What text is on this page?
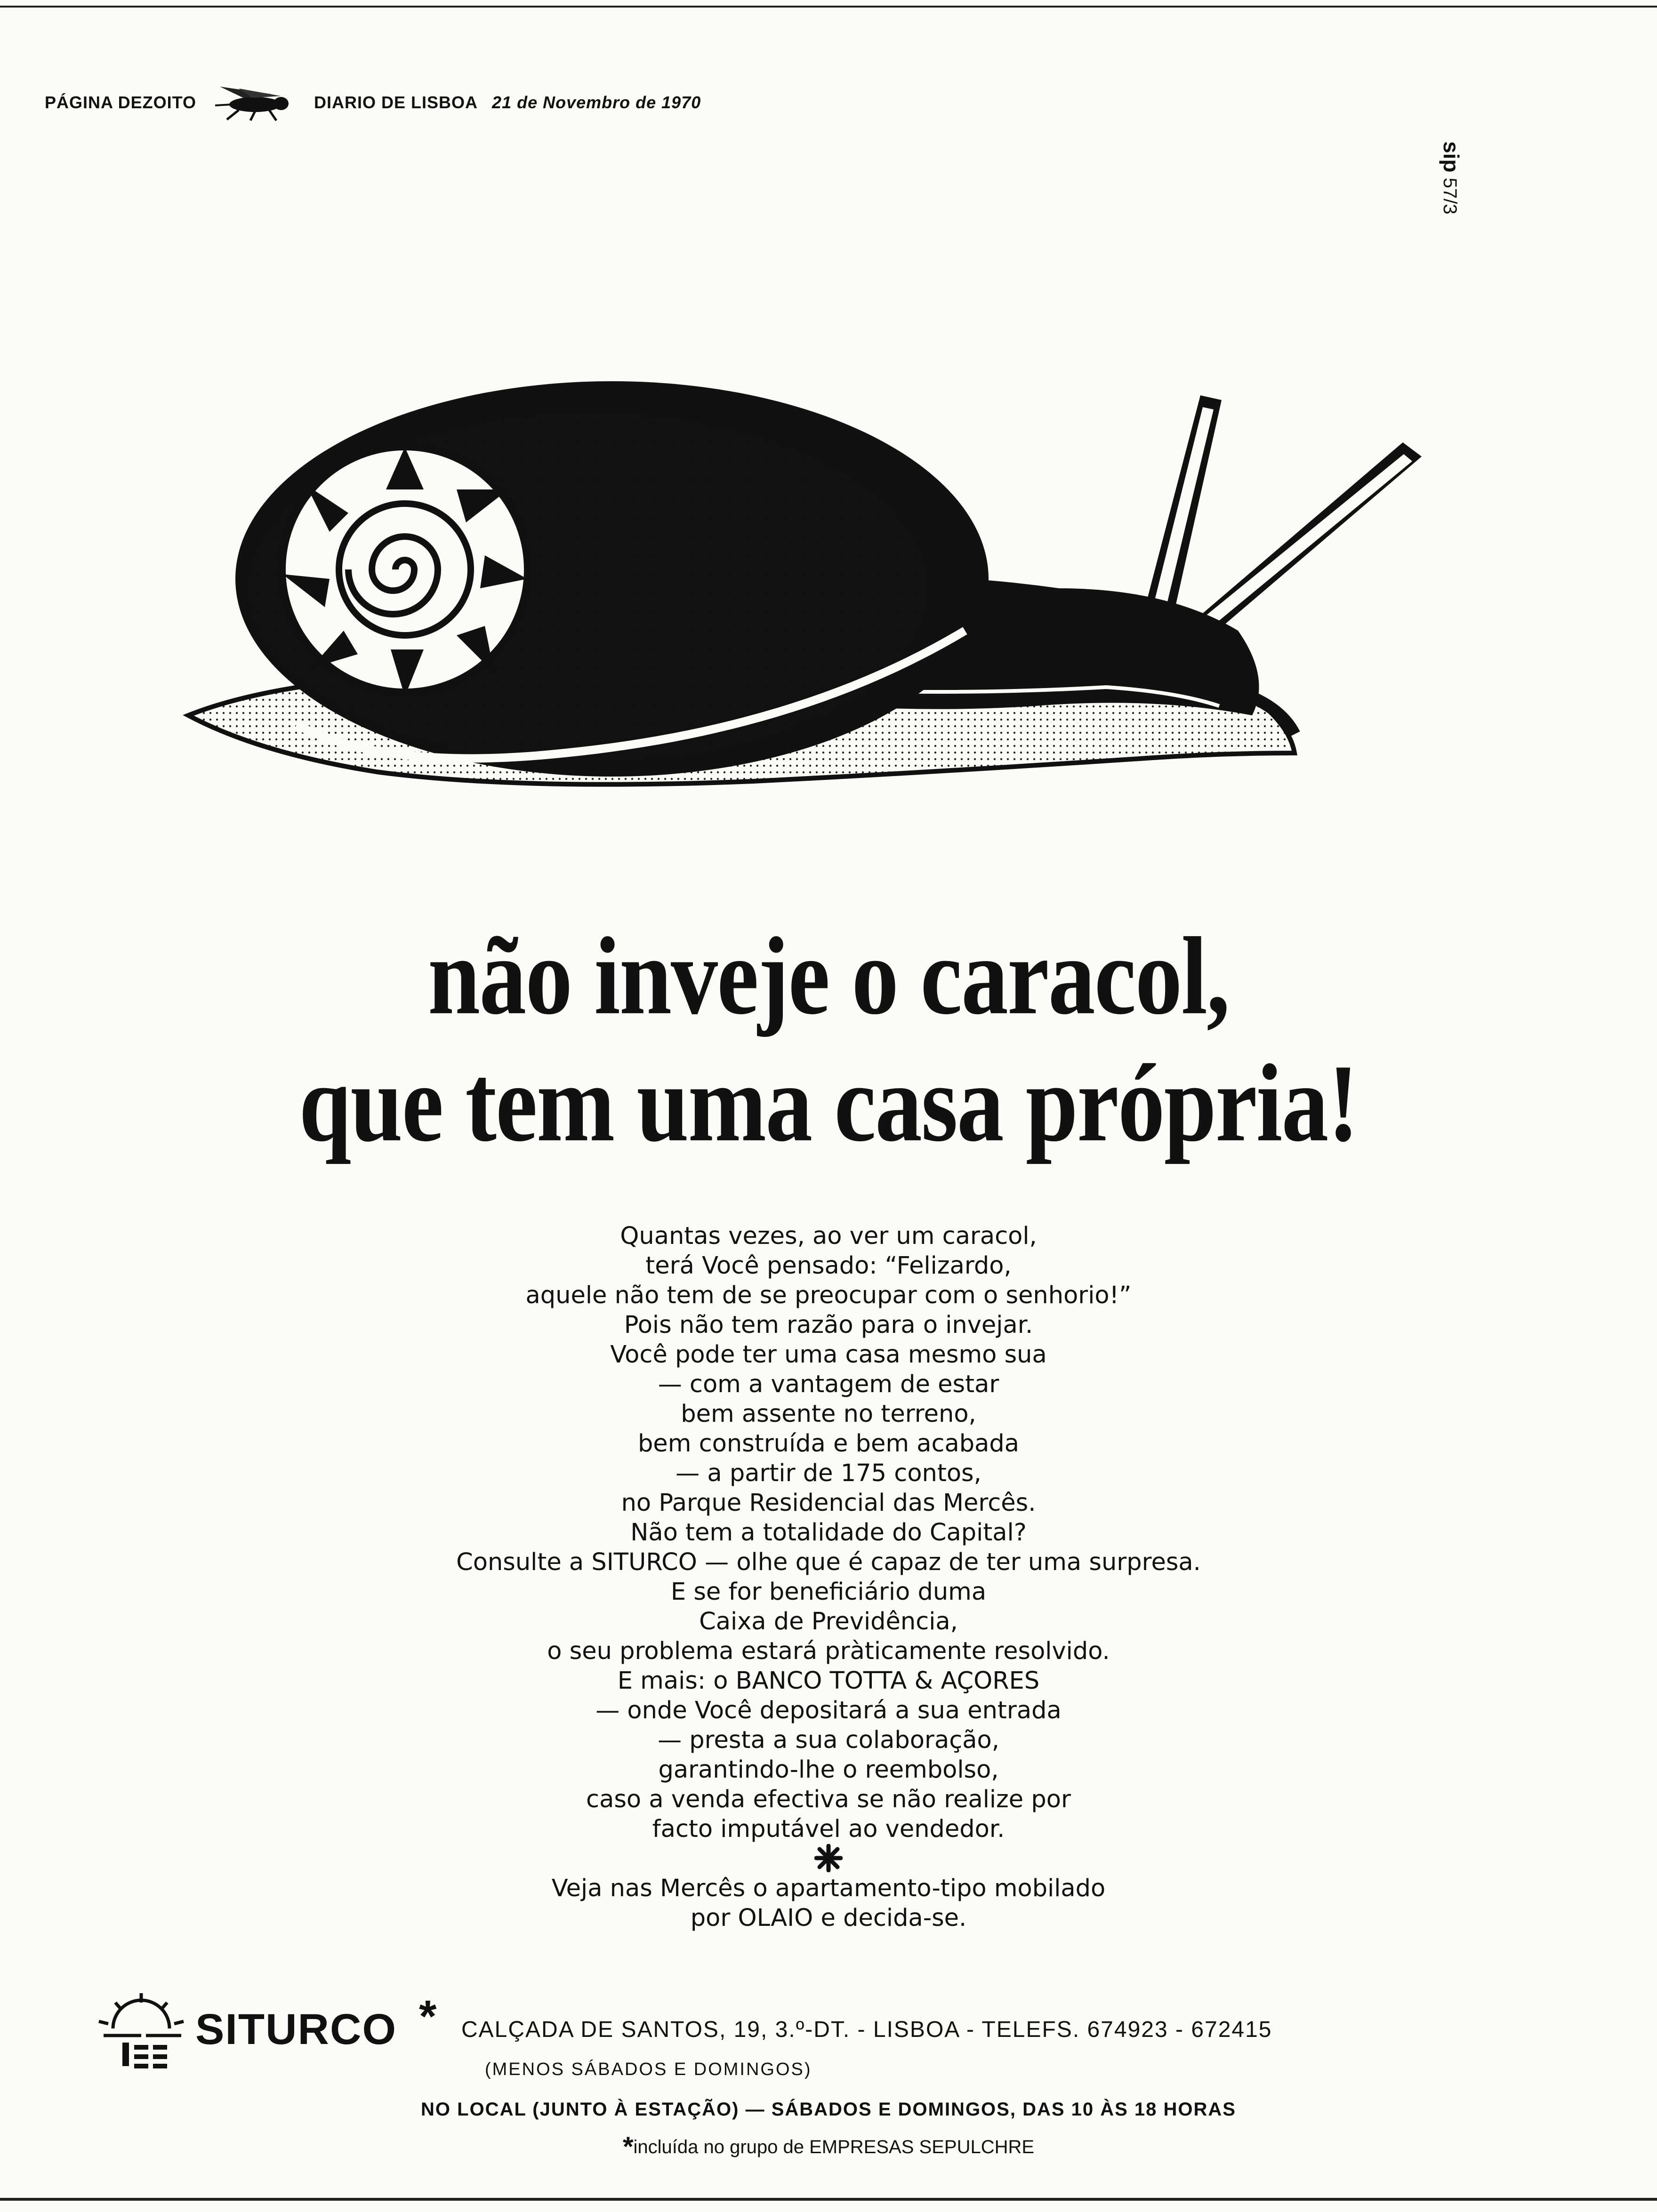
PÁGINA DEZOITO	DIARIO DE LISBOA 21 de Novembro de 1970
sip 57/3
não inveje o caracol,
que tem uma casa própria!
Quantas vezes, ao ver um caracol,
terá Você pensado: “Felizardo,
aquele não tem de se preocupar com o senhorio!”
Pois não tem razão para o invejar.
Você pode ter uma casa mesmo sua
— com a vantagem de estar
bem assente no terreno,
bem construída e bem acabada
— a partir de 175 contos,
no Parque Residencial das Mercês.
Não tem a totalidade do Capital?
Consulte a SITURCO — olhe que é capaz de ter uma surpresa.
E se for beneficiário duma
Caixa de Previdência,
o seu problema estará pràticamente resolvido.
E mais: o BANCO TOTTA & AÇORES
— onde Você depositará a sua entrada
— presta a sua colaboração,
garantindo-lhe o reembolso,
caso a venda efectiva se não realize por
facto imputável ao vendedor.
Veja nas Mercês o apartamento-tipo mobilado
por OLAIO e decida-se.
SITURCO * CALÇADA DE SANTOS, 19, 3.º-DT. - LISBOA - TELEFS. 674923 - 672415
(MENOS SÁBADOS E DOMINGOS)
NO LOCAL (JUNTO À ESTAÇÃO) — SÁBADOS E DOMINGOS, DAS 10 ÀS 18 HORAS
*incluída no grupo de EMPRESAS SEPULCHRE
